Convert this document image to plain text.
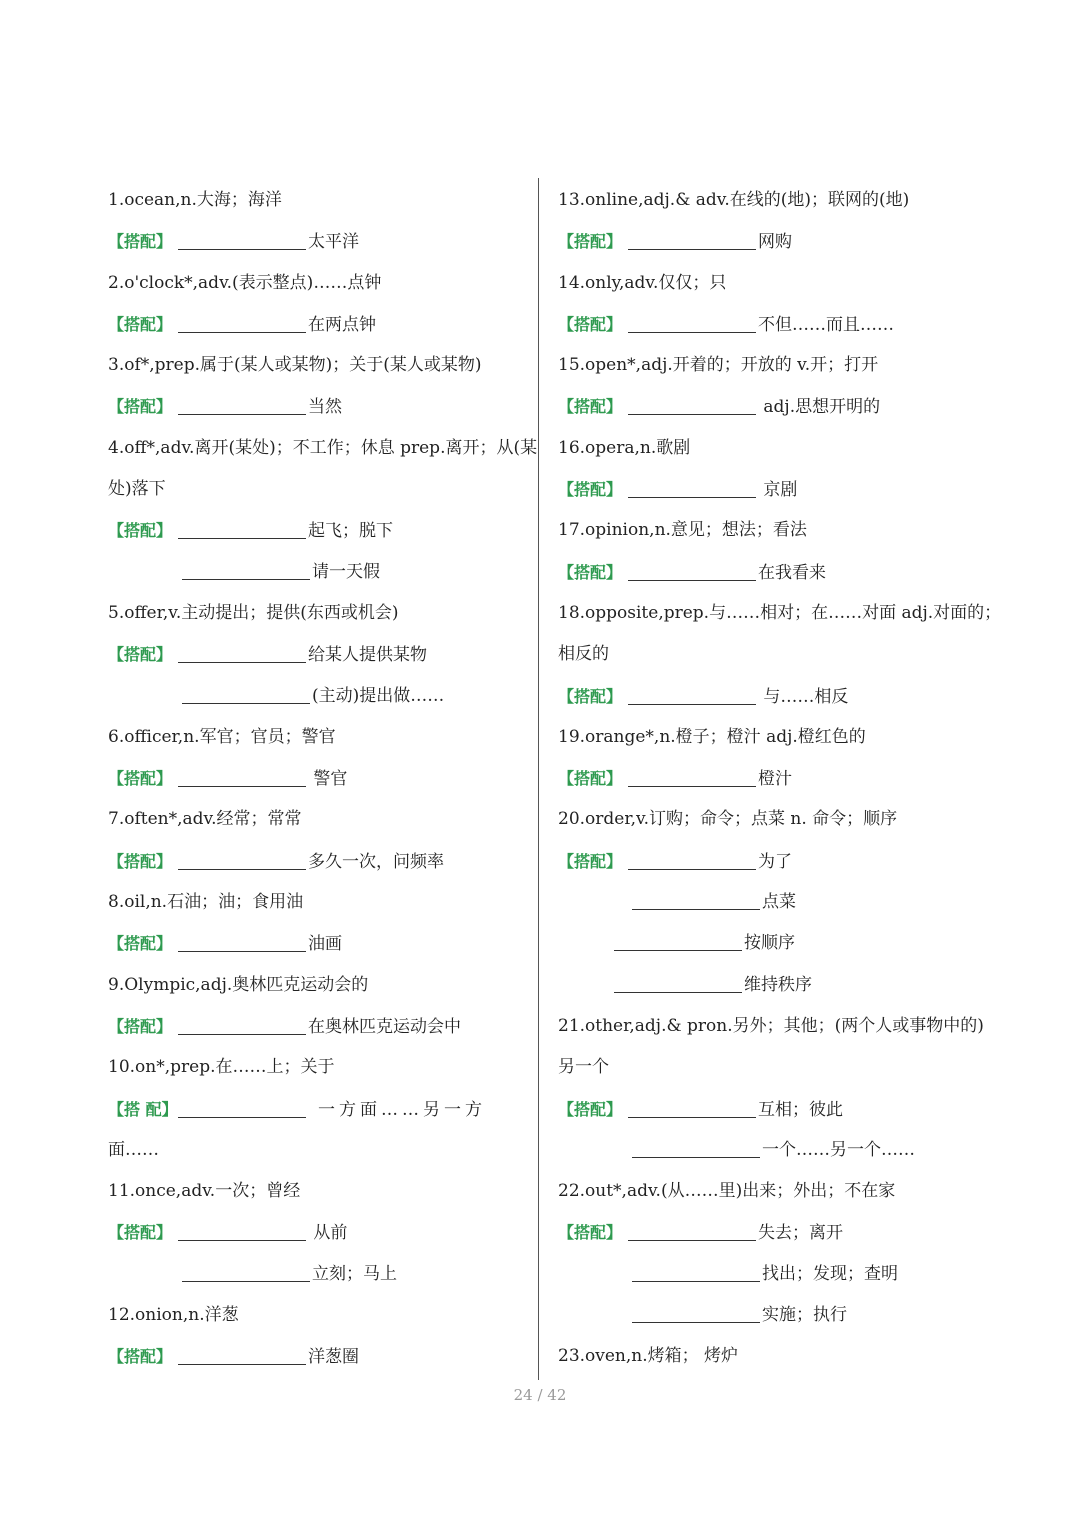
1.ocean,n.大海；海洋
【搭配】	太平洋
2.o'clock*,adv.(表示整点)……点钟
【搭配】	在两点钟
3.of*,prep.属于(某人或某物)；关于(某人或某物)
【搭配】	当然
4.off*,adv.离开(某处)；不工作；休息 prep.离开；从(某
处)落下
【搭配】	起飞；脱下
请一天假
5.offer,v.主动提出；提供(东西或机会)
【搭配】	给某人提供某物
(主动)提出做……
6.officer,n.军官；官员；警官
【搭配】	警官
7.often*,adv.经常；常常
【搭配】	多久一次，问频率
8.oil,n.石油；油；食用油
【搭配】	油画
9.Olympic,adj.奥林匹克运动会的
【搭配】	在奥林匹克运动会中
10.on*,prep.在……上；关于
【搭 配】	一方面……另一方
面……
11.once,adv.一次；曾经
【搭配】	从前
立刻；马上
12.onion,n.洋葱
【搭配】	洋葱圈
13.online,adj.& adv.在线的(地)；联网的(地)
【搭配】	网购
14.only,adv.仅仅；只
【搭配】	不但……而且……
15.open*,adj.开着的；开放的 v.开；打开
【搭配】	adj.思想开明的
16.opera,n.歌剧
【搭配】	京剧
17.opinion,n.意见；想法；看法
【搭配】	在我看来
18.opposite,prep.与……相对；在……对面 adj.对面的；
相反的
【搭配】	与……相反
19.orange*,n.橙子；橙汁 adj.橙红色的
【搭配】	橙汁
20.order,v.订购；命令；点菜 n. 命令；顺序
【搭配】	为了
点菜
按顺序
维持秩序
21.other,adj.& pron.另外；其他；(两个人或事物中的)
另一个
【搭配】	互相；彼此
一个……另一个……
22.out*,adv.(从……里)出来；外出；不在家
【搭配】	失去；离开
找出；发现；查明
实施；执行
23.oven,n.烤箱； 烤炉
24 / 42
